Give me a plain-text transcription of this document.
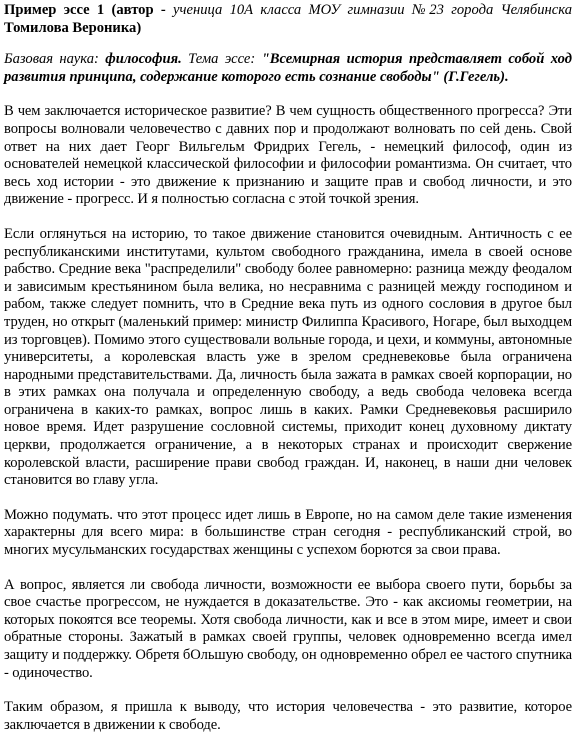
Пример эссе 1 (автор - ученица 10А класса МОУ гимназии №23 города Челябинска Томилова Вероника)

Базовая наука: философия. Тема эссе: "Всемирная история представляет собой ход развития принципа, содержание которого есть сознание свободы" (Г.Гегель).

В чем заключается историческое развитие? В чем сущность общественного прогресса? Эти вопросы волновали человечество с давних пор и продолжают волновать по сей день. Свой ответ на них дает Георг Вильгельм Фридрих Гегель, - немецкий философ, один из основателей немецкой классической философии и философии романтизма. Он считает, что весь ход истории - это движение к признанию и защите прав и свобод личности, и это движение - прогресс. И я полностью согласна с этой точкой зрения.

Если оглянуться на историю, то такое движение становится очевидным. Античность с ее республиканскими институтами, культом свободного гражданина, имела в своей основе рабство. Средние века "распределили" свободу более равномерно: разница между феодалом и зависимым крестьянином была велика, но несравнима с разницей между господином и рабом, также следует помнить, что в Средние века путь из одного сословия в другое был труден, но открыт (маленький пример: министр Филиппа Красивого, Ногаре, был выходцем из торговцев). Помимо этого существовали вольные города, и цехи, и коммуны, автономные университеты, а королевская власть уже в зрелом средневековье была ограничена народными представительствами. Да, личность была зажата в рамках своей корпорации, но в этих рамках она получала и определенную свободу, а ведь свобода человека всегда ограничена в каких-то рамках, вопрос лишь в каких. Рамки Средневековья расширило новое время. Идет разрушение сословной системы, приходит конец духовному диктату церкви, продолжается ограничение, а в некоторых странах и происходит свержение королевской власти, расширение прави свобод граждан. И, наконец, в наши дни человек становится во главу угла.

Можно подумать. что этот процесс идет лишь в Европе, но на самом деле такие изменения характерны для всего мира: в большинстве стран сегодня - республиканский строй, во многих мусульманских государствах женщины с успехом борются за свои права.

А вопрос, является ли свобода личности, возможности ее выбора своего пути, борьбы за свое счастье прогрессом, не нуждается в доказательстве. Это - как аксиомы геометрии, на которых покоятся все теоремы. Хотя свобода личности, как и все в этом мире, имеет и свои обратные стороны. Зажатый в рамках своей группы, человек одновременно всегда имел защиту и поддержку. Обретя бОльшую свободу, он одновременно обрел ее частого спутника - одиночество.

Таким образом, я пришла к выводу, что история человечества - это развитие, которое заключается в движении к свободе.
